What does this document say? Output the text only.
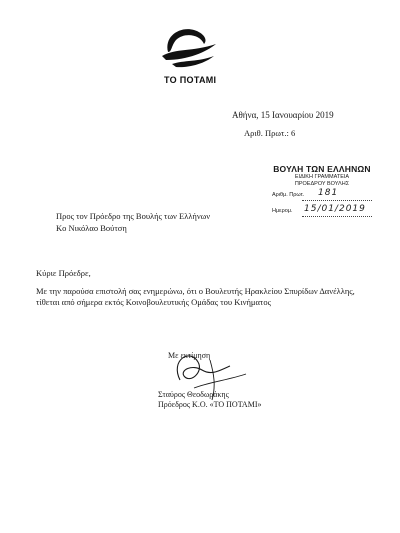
ΤΟ ΠΟΤΑΜΙ
Αθήνα, 15 Ιανουαρίου 2019
Αριθ. Πρωτ.: 6
ΒΟΥΛΗ ΤΩΝ ΕΛΛΗΝΩΝ
ΕΙΔΙΚΗ ΓΡΑΜΜΑΤΕΙΑ
ΠΡΟΕΔΡΟΥ ΒΟΥΛΗΣ
Αριθμ. Πρωτ. 181
Ημερομ. 15/01/2019
Προς τον Πρόεδρο της Βουλής των Ελλήνων
Κο Νικόλαο Βούτση
Κύριε Πρόεδρε,
Με την παρούσα επιστολή σας ενημερώνω, ότι ο Βουλευτής Ηρακλείου Σπυρίδων Δανέλλης, τίθεται από σήμερα εκτός Κοινοβουλευτικής Ομάδας του Κινήματος
Με εκτίμηση
Σταύρος Θεοδωράκης
Πρόεδρος Κ.Ο. «ΤΟ ΠΟΤΑΜΙ»
